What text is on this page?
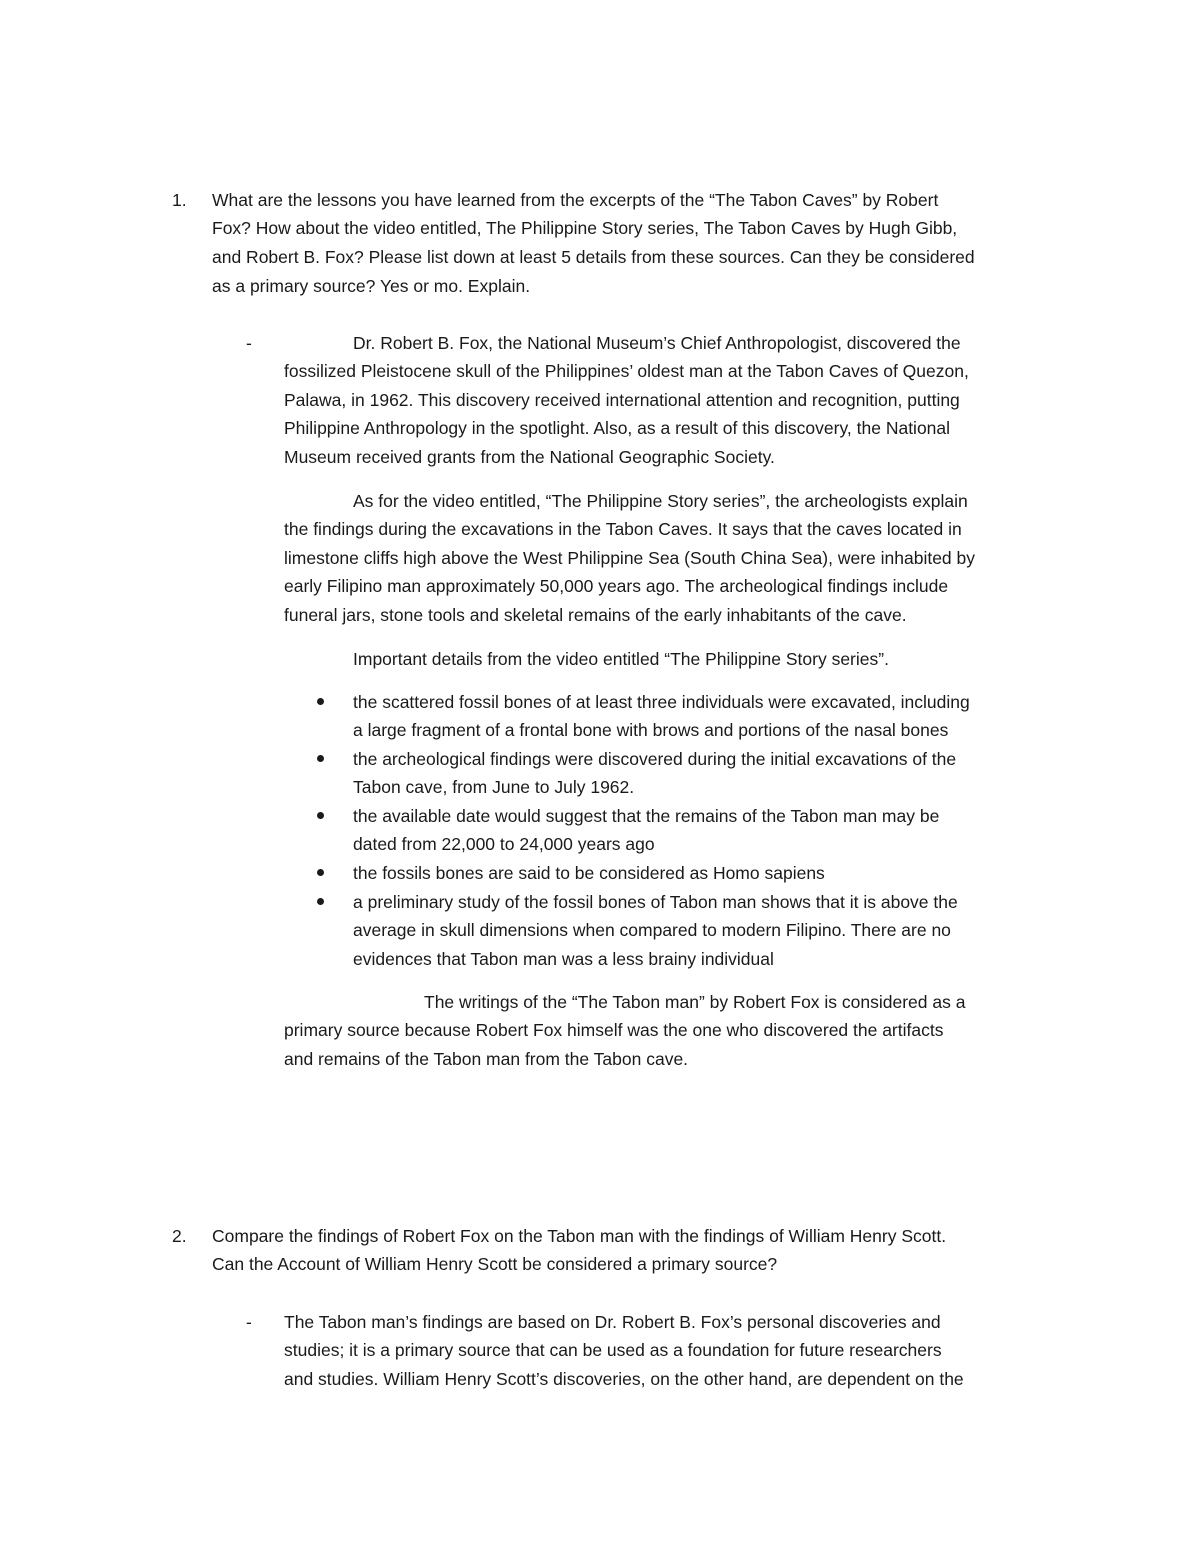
1. What are the lessons you have learned from the excerpts of the “The Tabon Caves” by Robert
Fox? How about the video entitled, The Philippine Story series, The Tabon Caves by Hugh Gibb,
and Robert B. Fox? Please list down at least 5 details from these sources. Can they be considered
as a primary source? Yes or mo. Explain.
-	Dr. Robert B. Fox, the National Museum’s Chief Anthropologist, discovered the
fossilized Pleistocene skull of the Philippines’ oldest man at the Tabon Caves of Quezon,
Palawa, in 1962. This discovery received international attention and recognition, putting
Philippine Anthropology in the spotlight. Also, as a result of this discovery, the National
Museum received grants from the National Geographic Society.
As for the video entitled, “The Philippine Story series”, the archeologists explain
the findings during the excavations in the Tabon Caves. It says that the caves located in
limestone cliffs high above the West Philippine Sea (South China Sea), were inhabited by
early Filipino man approximately 50,000 years ago. The archeological findings include
funeral jars, stone tools and skeletal remains of the early inhabitants of the cave.
Important details from the video entitled “The Philippine Story series”.
the scattered fossil bones of at least three individuals were excavated, including
a large fragment of a frontal bone with brows and portions of the nasal bones
the archeological findings were discovered during the initial excavations of the
Tabon cave, from June to July 1962.
the available date would suggest that the remains of the Tabon man may be
dated from 22,000 to 24,000 years ago
the fossils bones are said to be considered as Homo sapiens
a preliminary study of the fossil bones of Tabon man shows that it is above the
average in skull dimensions when compared to modern Filipino. There are no
evidences that Tabon man was a less brainy individual
The writings of the “The Tabon man” by Robert Fox is considered as a
primary source because Robert Fox himself was the one who discovered the artifacts
and remains of the Tabon man from the Tabon cave.
2. Compare the findings of Robert Fox on the Tabon man with the findings of William Henry Scott.
Can the Account of William Henry Scott be considered a primary source?
- The Tabon man’s findings are based on Dr. Robert B. Fox’s personal discoveries and
studies; it is a primary source that can be used as a foundation for future researchers
and studies. William Henry Scott’s discoveries, on the other hand, are dependent on the
